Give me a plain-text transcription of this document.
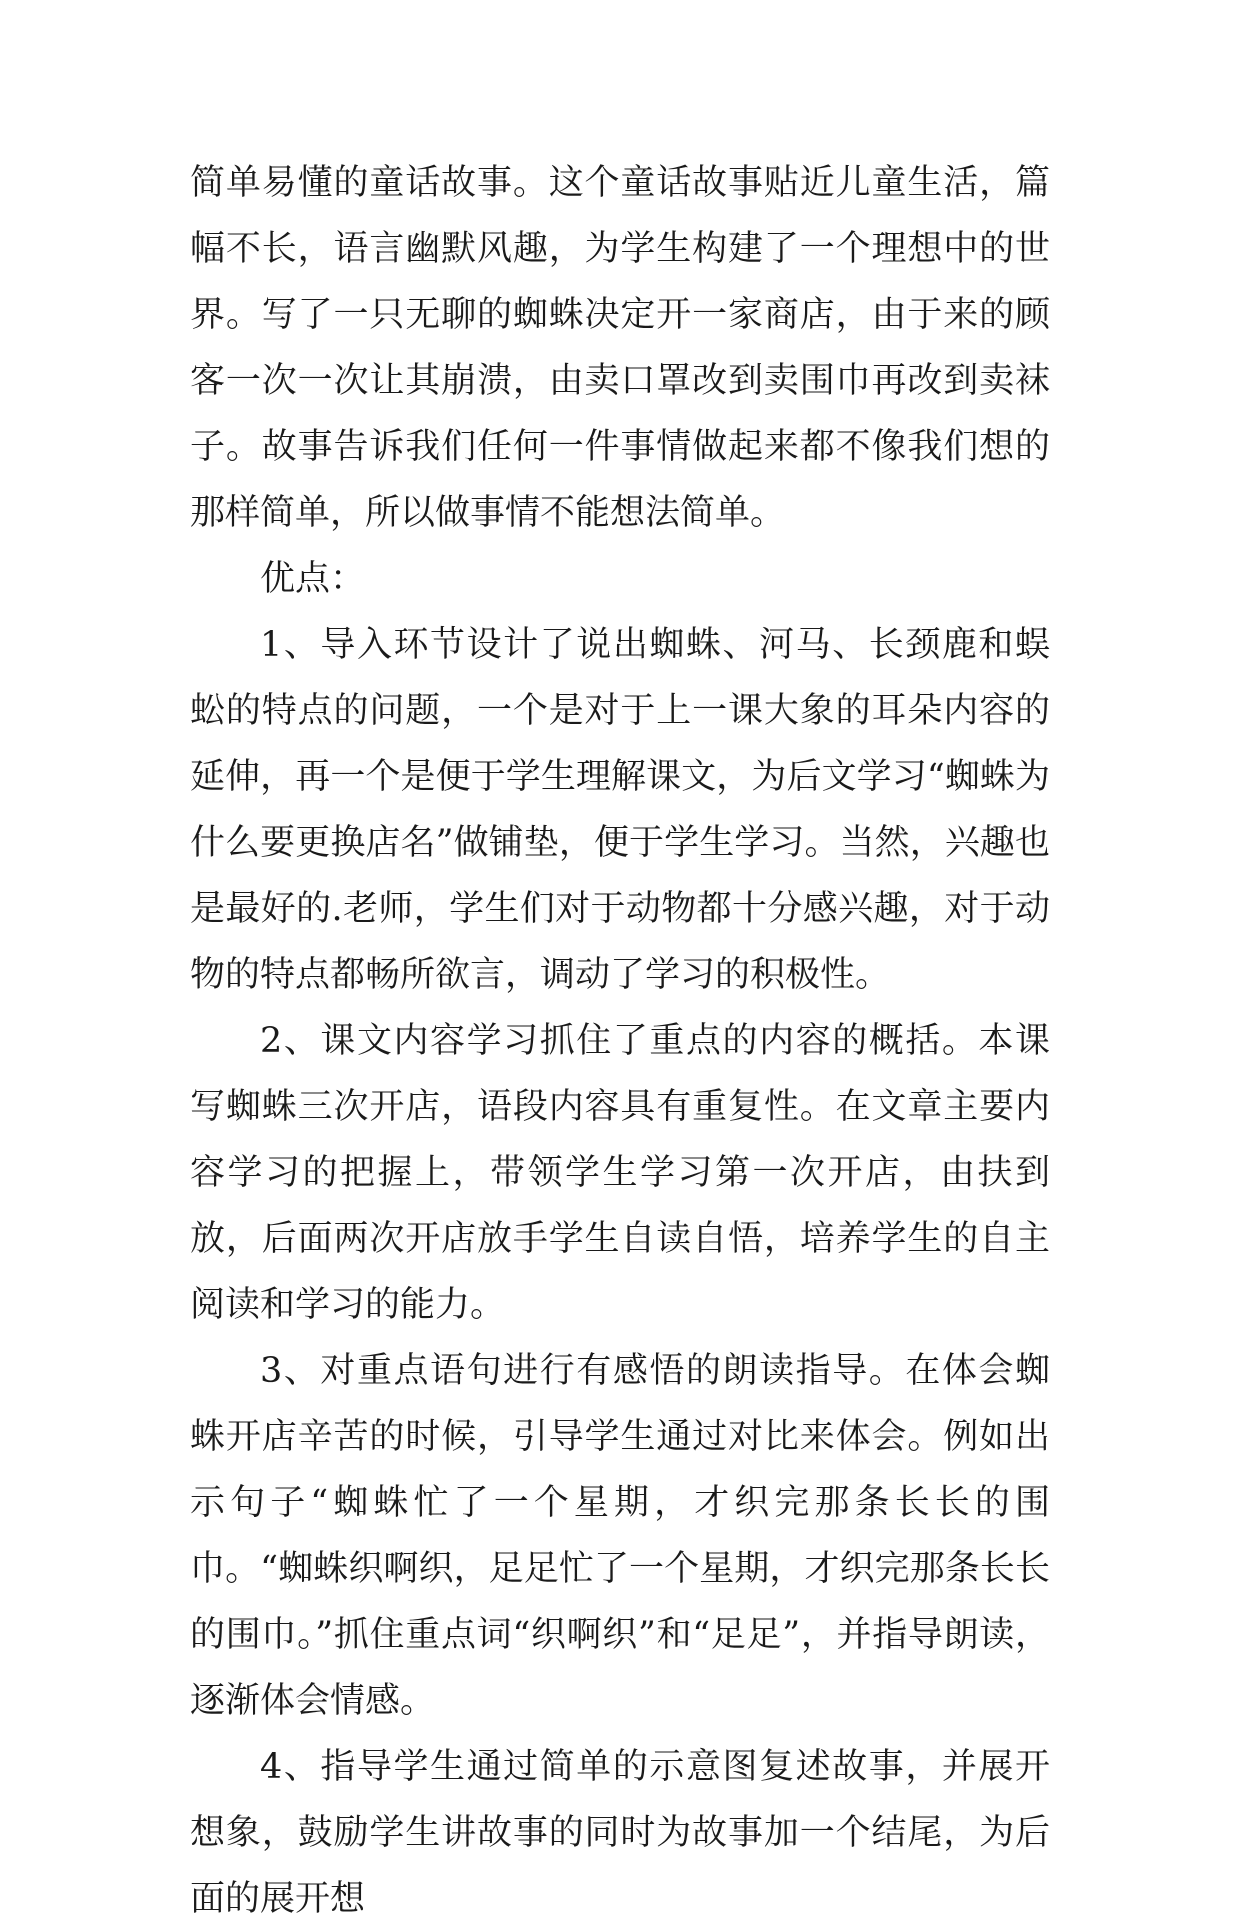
简单易懂的童话故事。这个童话故事贴近儿童生活，篇幅不长，语言幽默风趣，为学生构建了一个理想中的世界。写了一只无聊的蜘蛛决定开一家商店，由于来的顾客一次一次让其崩溃，由卖口罩改到卖围巾再改到卖袜子。故事告诉我们任何一件事情做起来都不像我们想的那样简单，所以做事情不能想法简单。

优点：

1、导入环节设计了说出蜘蛛、河马、长颈鹿和蜈蚣的特点的问题，一个是对于上一课大象的耳朵内容的延伸，再一个是便于学生理解课文，为后文学习“蜘蛛为什么要更换店名”做铺垫，便于学生学习。当然，兴趣也是最好的.老师，学生们对于动物都十分感兴趣，对于动物的特点都畅所欲言，调动了学习的积极性。

2、课文内容学习抓住了重点的内容的概括。本课写蜘蛛三次开店，语段内容具有重复性。在文章主要内容学习的把握上，带领学生学习第一次开店，由扶到放，后面两次开店放手学生自读自悟，培养学生的自主阅读和学习的能力。

3、对重点语句进行有感悟的朗读指导。在体会蜘蛛开店辛苦的时候，引导学生通过对比来体会。例如出示句子“蜘蛛忙了一个星期，才织完那条长长的围巾。“蜘蛛织啊织，足足忙了一个星期，才织完那条长长的围巾。”抓住重点词“织啊织”和“足足”，并指导朗读，逐渐体会情感。

4、指导学生通过简单的示意图复述故事，并展开想象，鼓励学生讲故事的同时为故事加一个结尾，为后面的展开想
